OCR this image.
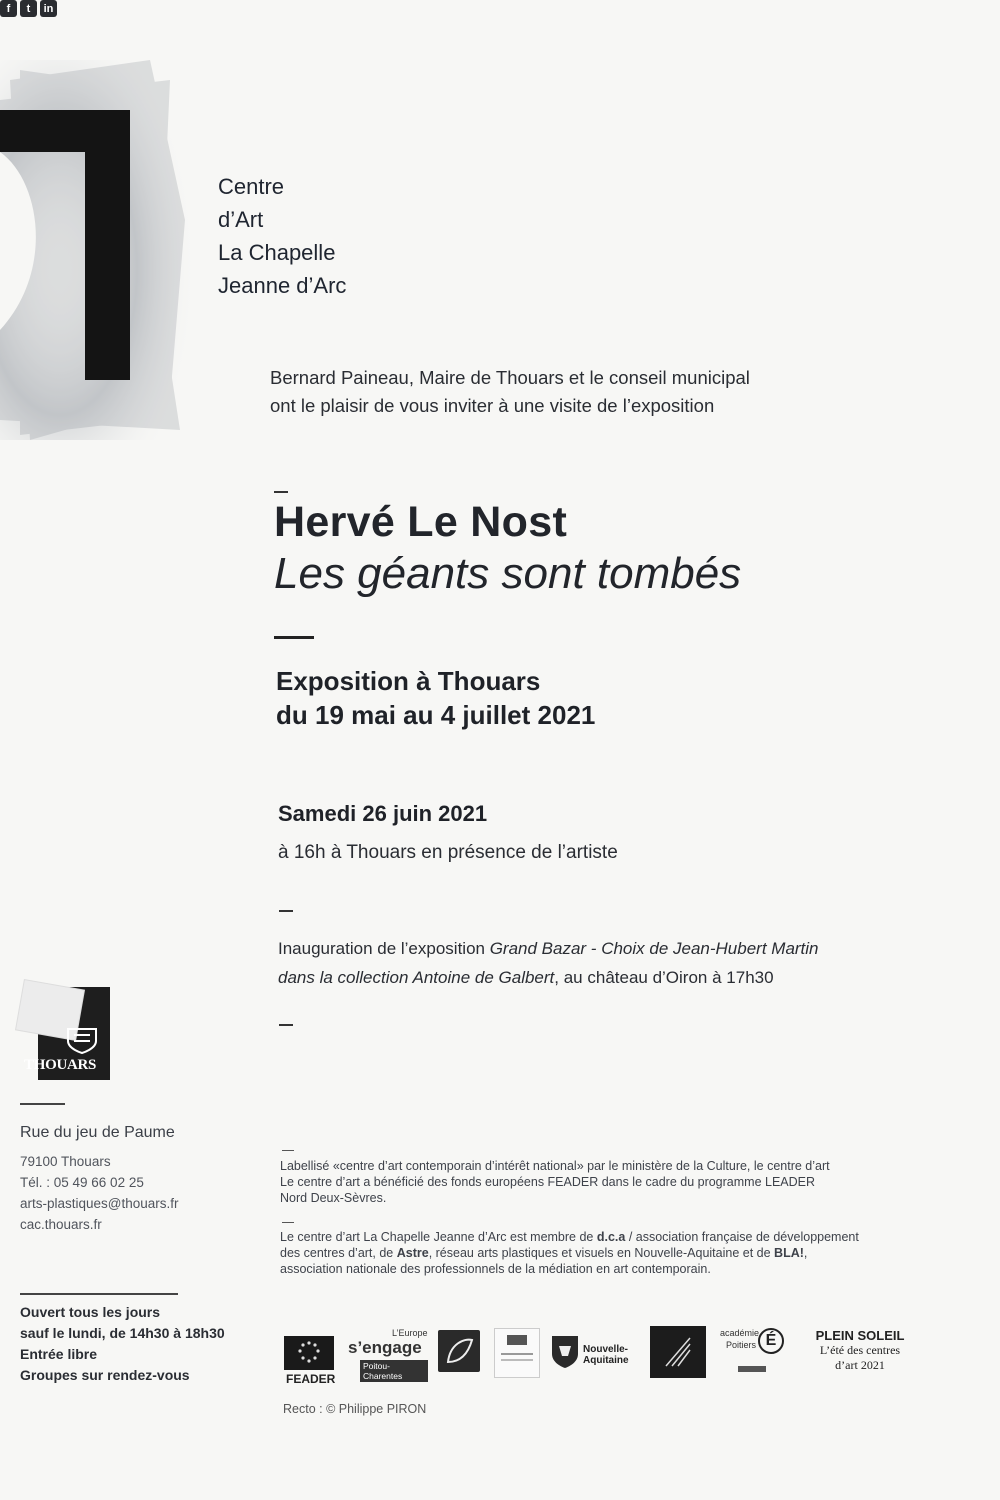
Centre
d’Art
La Chapelle
Jeanne d’Arc
Bernard Paineau, Maire de Thouars et le conseil municipal
ont le plaisir de vous inviter à une visite de l’exposition
Hervé Le Nost
Les géants sont tombés
Exposition à Thouars
du 19 mai au 4 juillet 2021
Samedi 26 juin 2021
à 16h à Thouars en présence de l’artiste
Inauguration de l’exposition Grand Bazar - Choix de Jean-Hubert Martin
dans la collection Antoine de Galbert, au château d’Oiron à 17h30
THOUARS
Rue du jeu de Paume
79100 Thouars
Tél. : 05 49 66 02 25
arts-plastiques@thouars.fr
cac.thouars.fr
f	t	in
Ouvert tous les jours
sauf le lundi, de 14h30 à 18h30
Entrée libre
Groupes sur rendez-vous
Labellisé «centre d’art contemporain d’intérêt national» par le ministère de la Culture, le centre d’art
Le centre d’art a bénéficié des fonds européens FEADER dans le cadre du programme LEADER
Nord Deux-Sèvres.
Le centre d’art La Chapelle Jeanne d’Arc est membre de d.c.a / association française de développement
des centres d’art, de Astre, réseau arts plastiques et visuels en Nouvelle-Aquitaine et de BLA!,
association nationale des professionnels de la médiation en art contemporain.
FEADER
L’Europe
s’engage
Poitou-Charentes
Nouvelle-Aquitaine
académie
Poitiers É	PLEIN SOLEIL
L’été des centres
d’art 2021
Recto : © Philippe PIRON
